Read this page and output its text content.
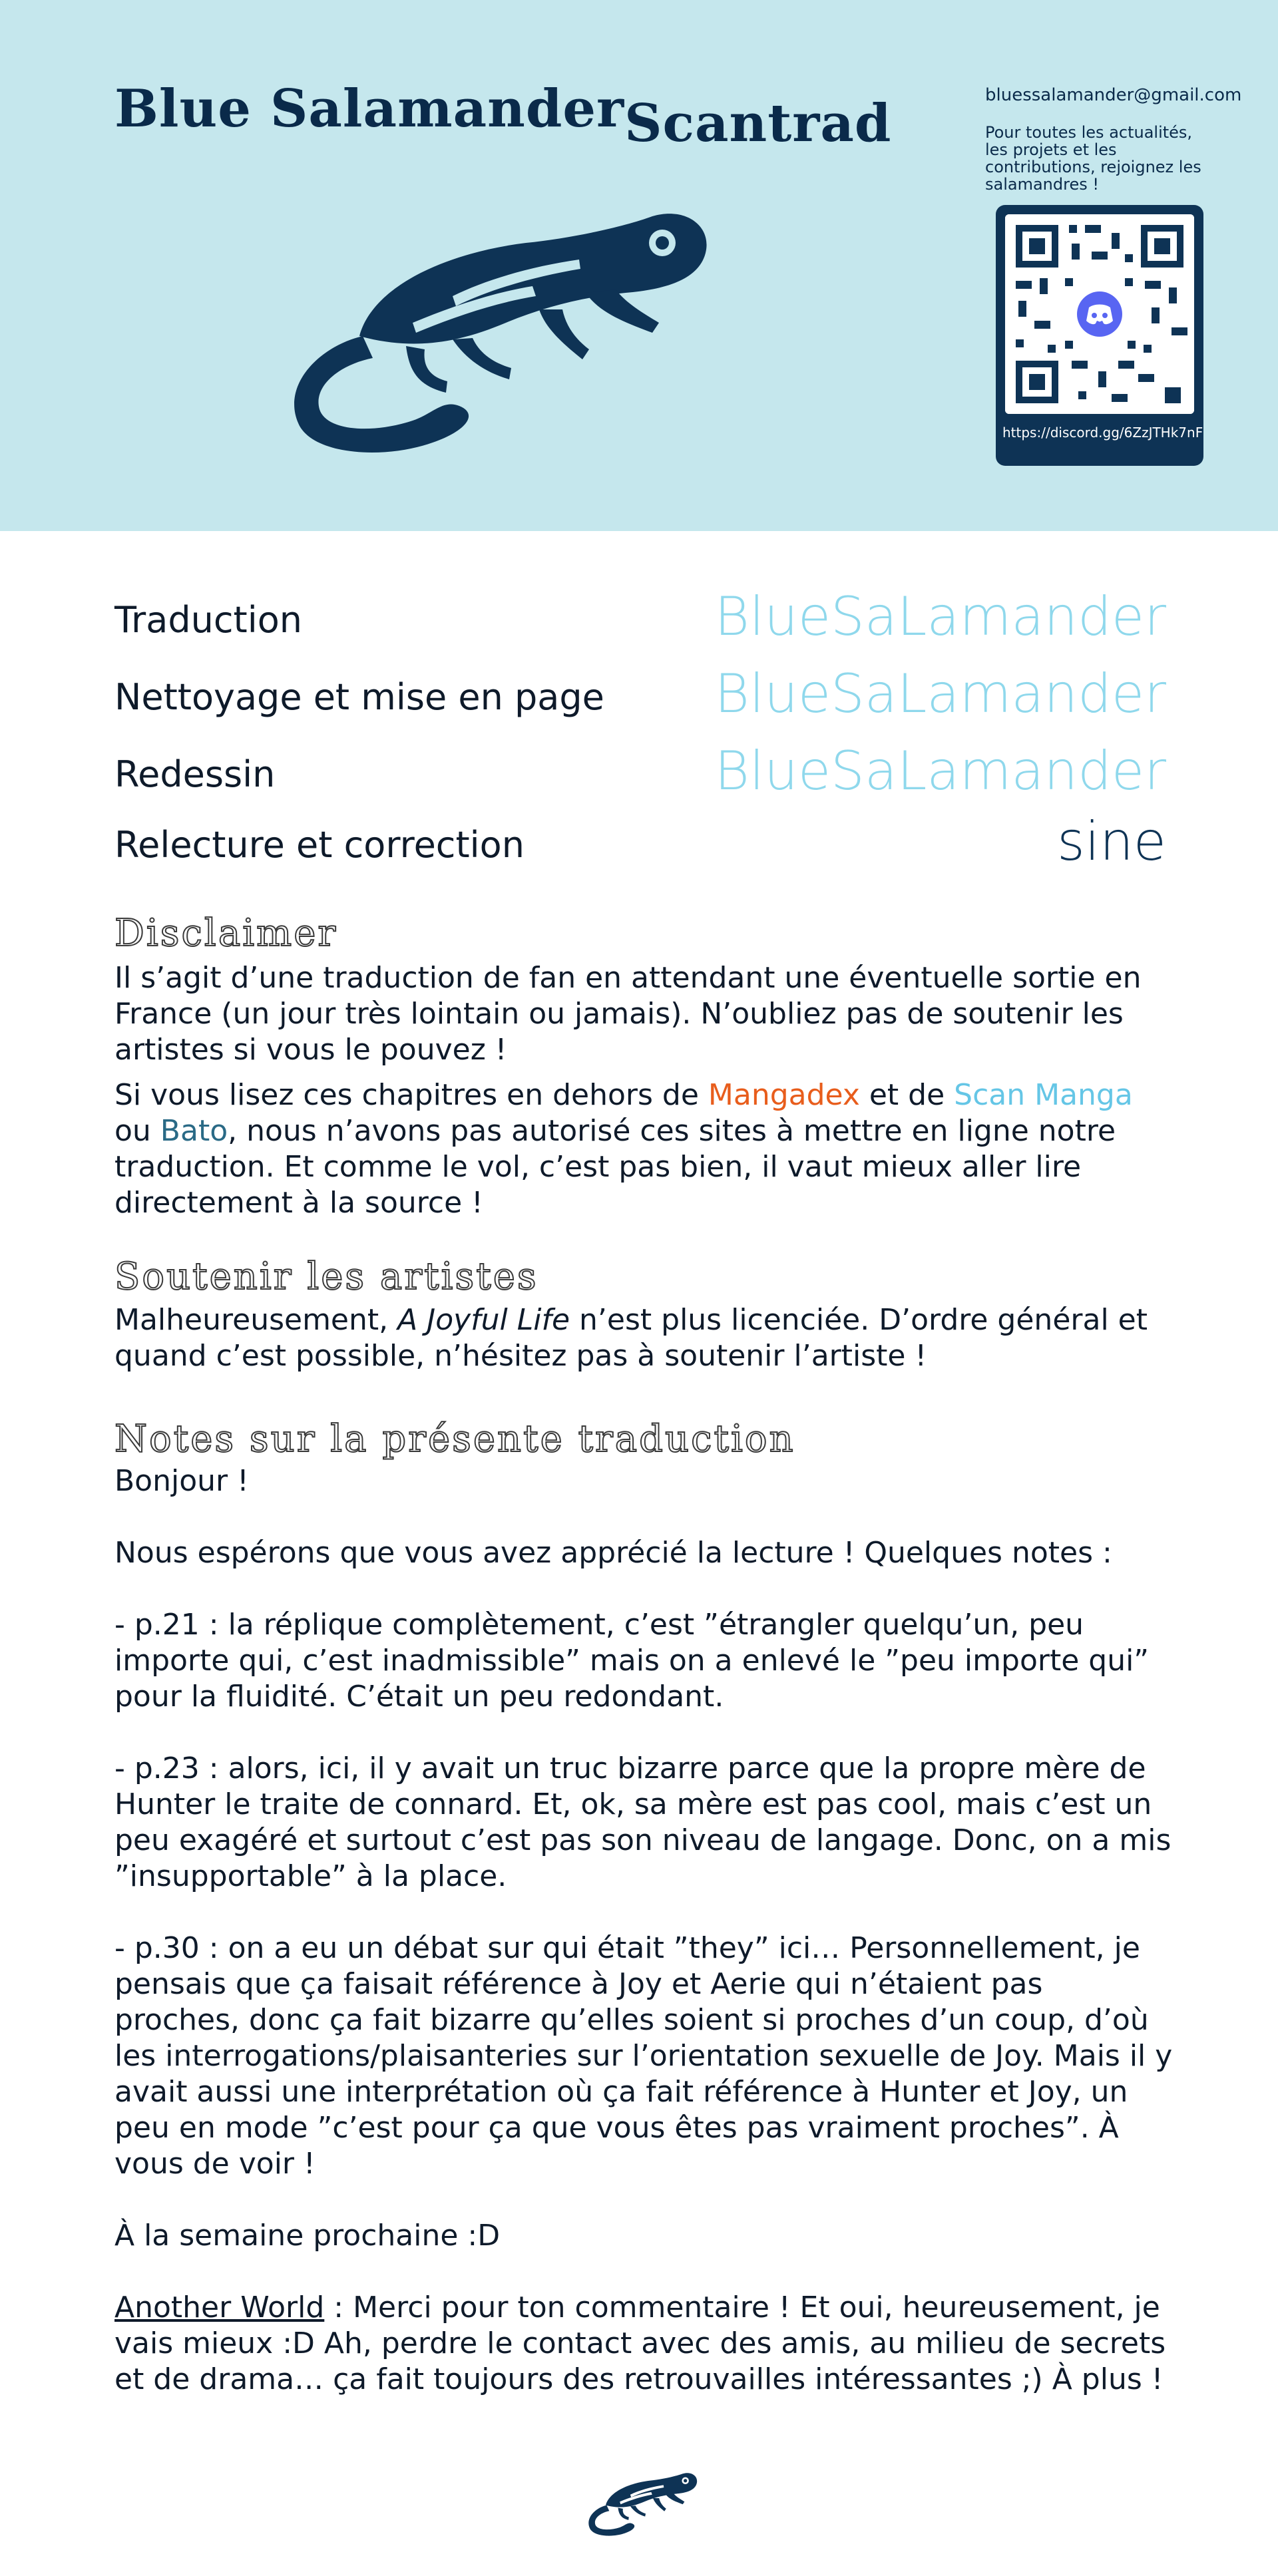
Blue SalamanderScantrad	bluessalamander@gmail.com
Pour toutes les actualités, les projets et les contributions, rejoignez les salamandres !
https://discord.gg/6ZzJTHk7nF
Traduction	BlueSaLamander
Nettoyage et mise en page BlueSaLamander
Redessin	BlueSaLamander
Relecture et correction	sine
Disclaimer

Il s’agit d’une traduction de fan en attendant une éventuelle sortie en France (un jour très lointain ou jamais). N’oubliez pas de soutenir les artistes si vous le pouvez !

Si vous lisez ces chapitres en dehors de Mangadex et de Scan Manga ou Bato, nous n’avons pas autorisé ces sites à mettre en ligne notre traduction. Et comme le vol, c’est pas bien, il vaut mieux aller lire directement à la source !

Soutenir les artistes

Malheureusement, A Joyful Life n’est plus licenciée. D’ordre général et quand c’est possible, n’hésitez pas à soutenir l’artiste !

Notes sur la présente traduction

Bonjour !

Nous espérons que vous avez apprécié la lecture ! Quelques notes :

- p.21 : la réplique complètement, c’est ”étrangler quelqu’un, peu importe qui, c’est inadmissible” mais on a enlevé le ”peu importe qui” pour la fluidité. C’était un peu redondant.

- p.23 : alors, ici, il y avait un truc bizarre parce que la propre mère de Hunter le traite de connard. Et, ok, sa mère est pas cool, mais c’est un peu exagéré et surtout c’est pas son niveau de langage. Donc, on a mis ”insupportable” à la place.

- p.30 : on a eu un débat sur qui était ”they” ici… Personnellement, je pensais que ça faisait référence à Joy et Aerie qui n’étaient pas proches, donc ça fait bizarre qu’elles soient si proches d’un coup, d’où les interrogations/plaisanteries sur l’orientation sexuelle de Joy. Mais il y avait aussi une interprétation où ça fait référence à Hunter et Joy, un peu en mode ”c’est pour ça que vous êtes pas vraiment proches”. À vous de voir !

À la semaine prochaine :D

Another World : Merci pour ton commentaire ! Et oui, heureusement, je vais mieux :D Ah, perdre le contact avec des amis, au milieu de secrets et de drama… ça fait toujours des retrouvailles intéressantes ;) À plus !
